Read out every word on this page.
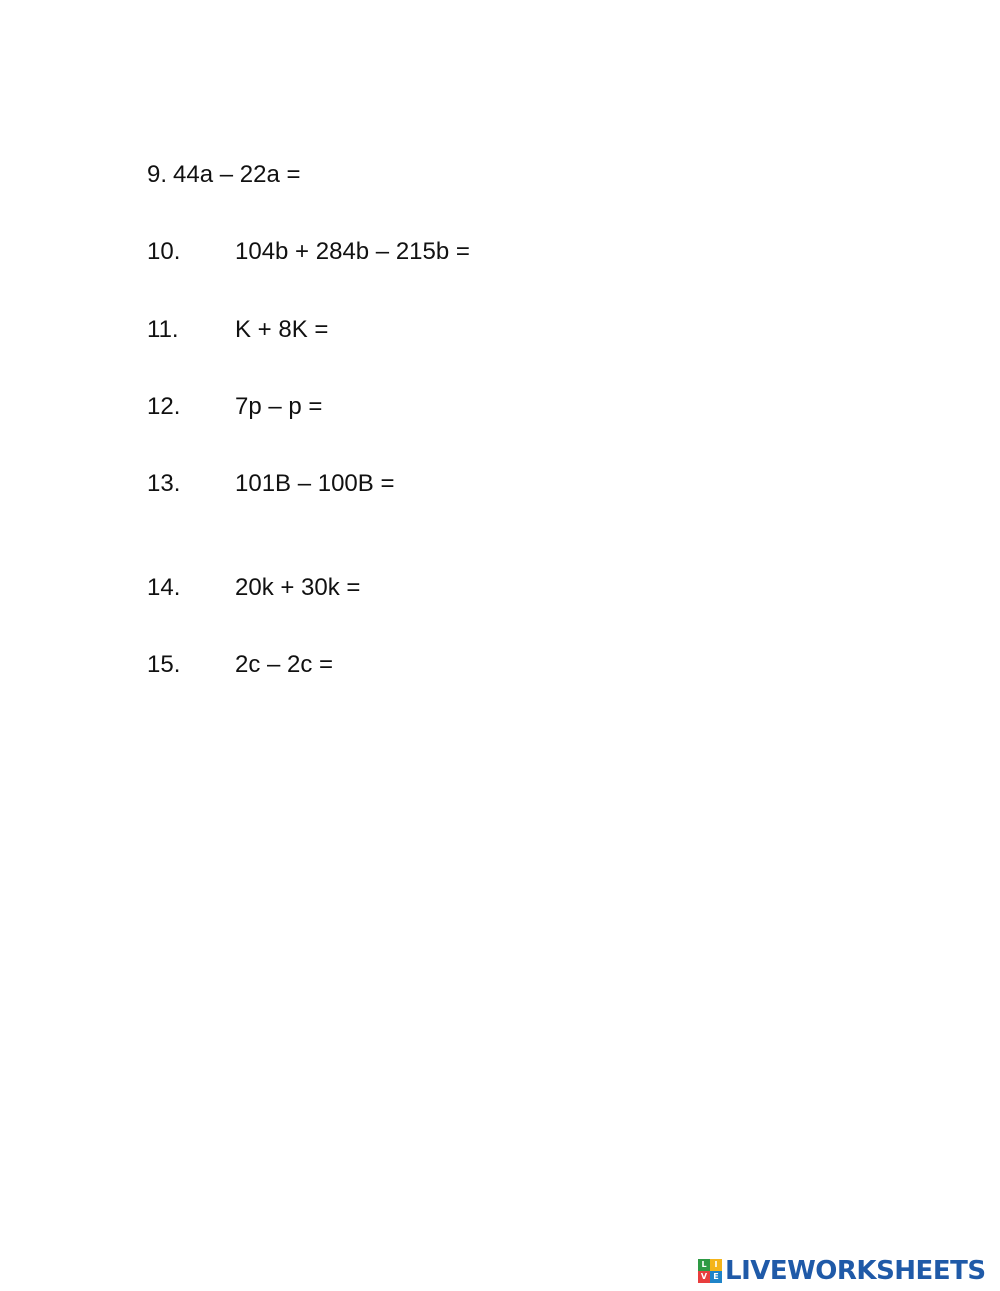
9. 44a – 22a =
10. 104b + 284b – 215b =
11. K + 8K =
12. 7p – p =
13. 101B – 100B =
14. 20k + 30k =
15. 2c – 2c =
L I
V E LIVEWORKSHEETS
